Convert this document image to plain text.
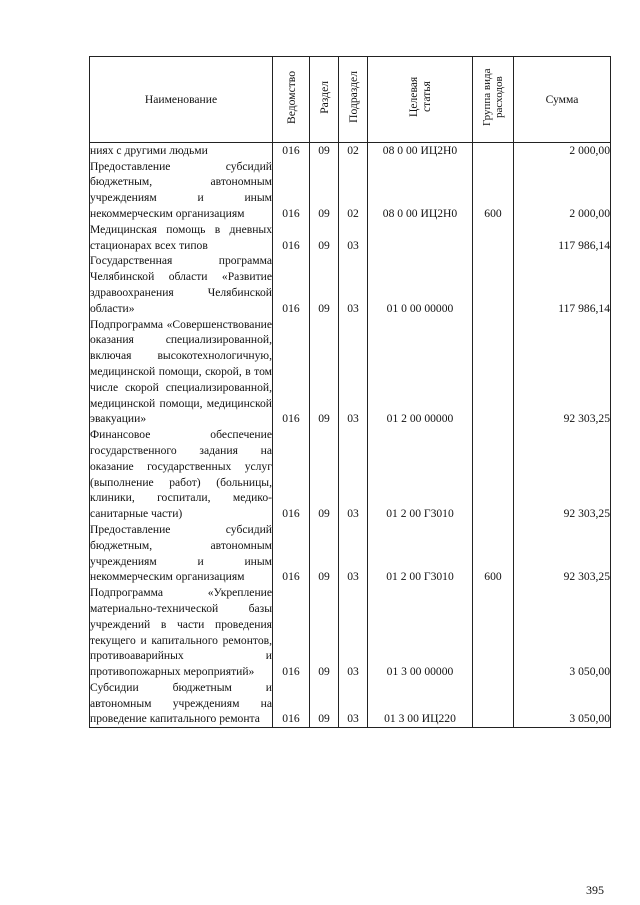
Наименование	Ведомство	Раздел	Подраздел	Целевая статья	Группа вида расходов	Сумма
ниях с другими людьми	016	09	02	08 0 00 ИЦ2Н0		2 000,00
Предоставление субсидий бюджетным, автономным учреждениям и иным некоммерческим организациям	016	09	02	08 0 00 ИЦ2Н0	600	2 000,00
Медицинская помощь в дневных стационарах всех типов	016	09	03			117 986,14
Государственная программа Челябинской области «Развитие здравоохранения Челябинской области»	016	09	03	01 0 00 00000		117 986,14
Подпрограмма «Совершенствование оказания специализированной, включая высокотехнологичную, медицинской помощи, скорой, в том числе скорой специализированной, медицинской помощи, медицинской эвакуации»	016	09	03	01 2 00 00000		92 303,25
Финансовое обеспечение государственного задания на оказание государственных услуг (выполнение работ) (больницы, клиники, госпитали, медико-санитарные части)	016	09	03	01 2 00 Г3010		92 303,25
Предоставление субсидий бюджетным, автономным учреждениям и иным некоммерческим организациям	016	09	03	01 2 00 Г3010	600	92 303,25
Подпрограмма «Укрепление материально-технической базы учреждений в части проведения текущего и капитального ремонтов, противоаварийных и противопожарных мероприятий»	016	09	03	01 3 00 00000		3 050,00
Субсидии бюджетным и автономным учреждениям на проведение капитального ремонта	016	09	03	01 3 00 ИЦ220		3 050,00
395
